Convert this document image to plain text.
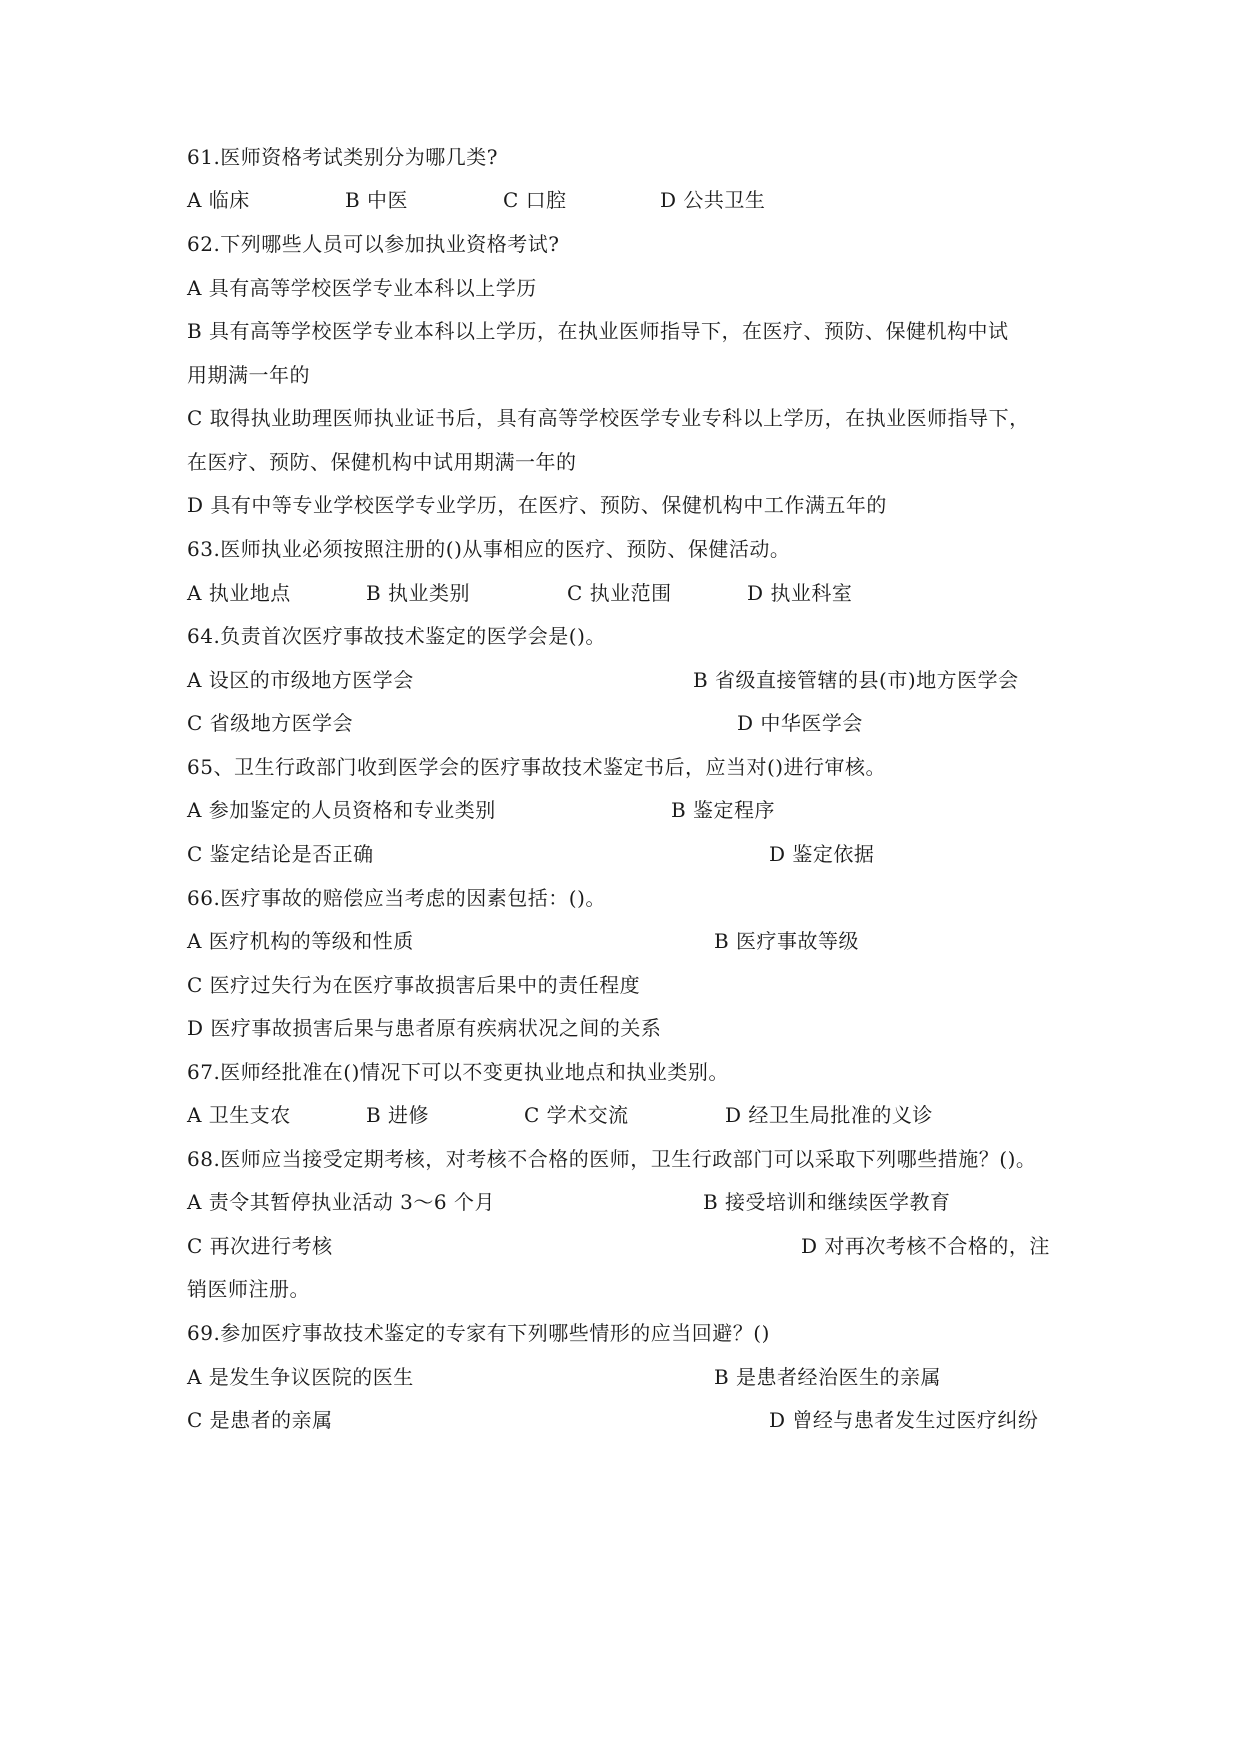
61.医师资格考试类别分为哪几类?
A 临床	B 中医	C 口腔	D 公共卫生
62.下列哪些人员可以参加执业资格考试?
A 具有高等学校医学专业本科以上学历
B 具有高等学校医学专业本科以上学历，在执业医师指导下，在医疗、预防、保健机构中试
用期满一年的
C 取得执业助理医师执业证书后，具有高等学校医学专业专科以上学历，在执业医师指导下，
在医疗、预防、保健机构中试用期满一年的
D 具有中等专业学校医学专业学历，在医疗、预防、保健机构中工作满五年的
63.医师执业必须按照注册的()从事相应的医疗、预防、保健活动。
A 执业地点	B 执业类别	C 执业范围	D 执业科室
64.负责首次医疗事故技术鉴定的医学会是()。
A 设区的市级地方医学会	B 省级直接管辖的县(市)地方医学会
C 省级地方医学会	D 中华医学会
65、卫生行政部门收到医学会的医疗事故技术鉴定书后，应当对()进行审核。
A 参加鉴定的人员资格和专业类别	B 鉴定程序
C 鉴定结论是否正确	D 鉴定依据
66.医疗事故的赔偿应当考虑的因素包括：()。
A 医疗机构的等级和性质	B 医疗事故等级
C 医疗过失行为在医疗事故损害后果中的责任程度
D 医疗事故损害后果与患者原有疾病状况之间的关系
67.医师经批准在()情况下可以不变更执业地点和执业类别。
A 卫生支农	B 进修	C 学术交流	D 经卫生局批准的义诊
68.医师应当接受定期考核，对考核不合格的医师，卫生行政部门可以采取下列哪些措施？()。
A 责令其暂停执业活动 3～6 个月	B 接受培训和继续医学教育
C 再次进行考核	D 对再次考核不合格的，注
销医师注册。
69.参加医疗事故技术鉴定的专家有下列哪些情形的应当回避？()
A 是发生争议医院的医生	B 是患者经治医生的亲属
C 是患者的亲属	D 曾经与患者发生过医疗纠纷
